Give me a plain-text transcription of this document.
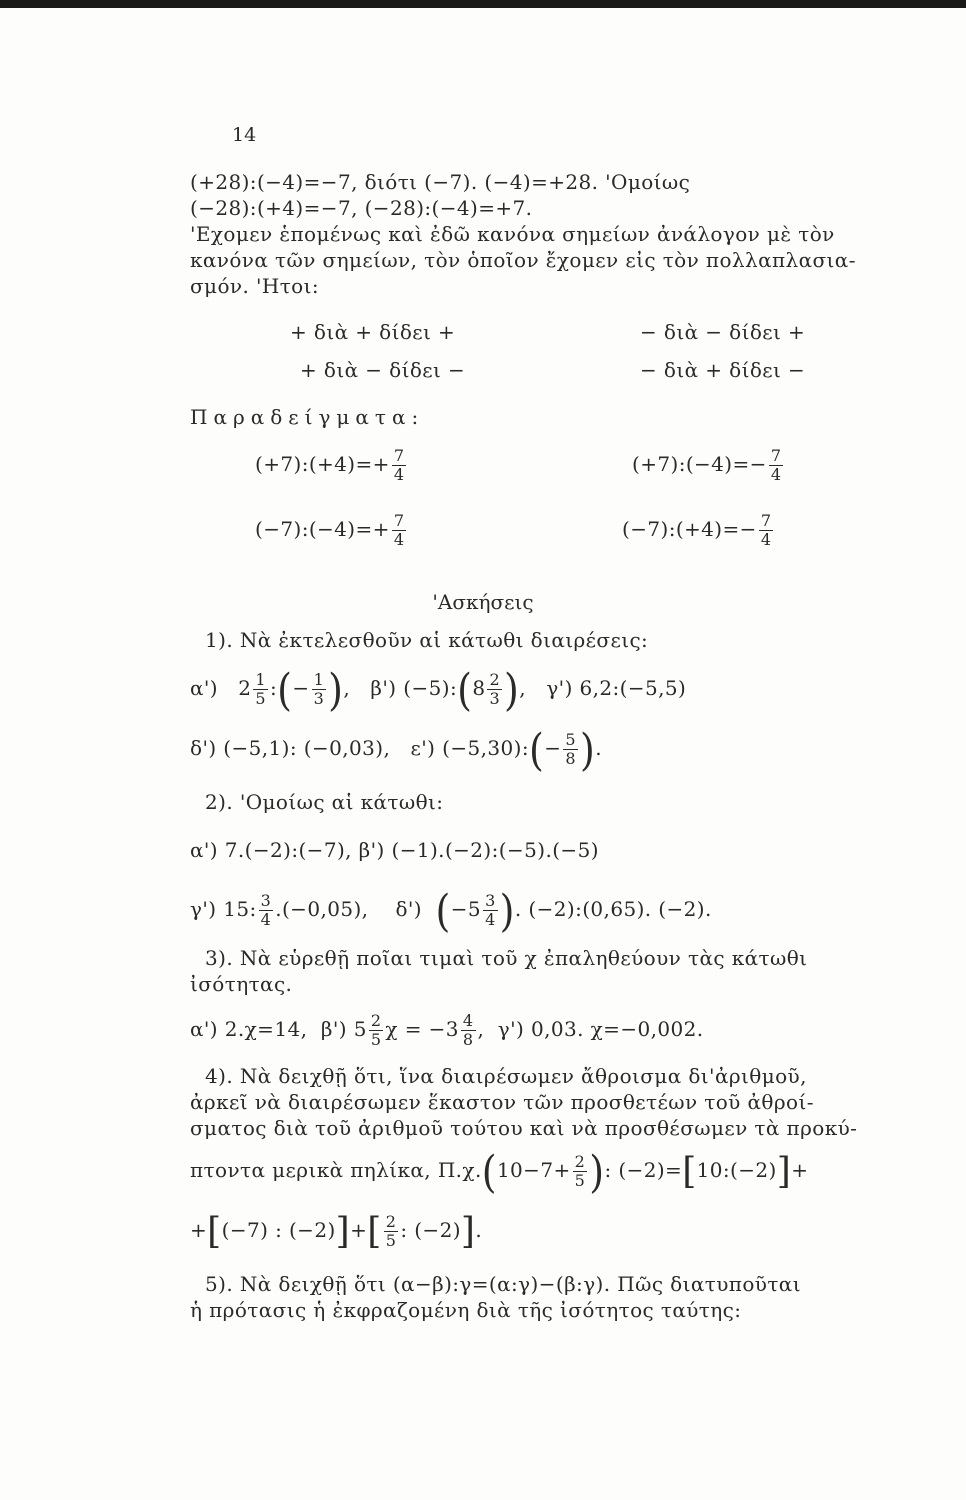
14
(+28):(−4)=−7, διότι (−7). (−4)=+28. 'Ομοίως
(−28):(+4)=−7, (−28):(−4)=+7.
'Εχομεν ἑπομένως καὶ ἐδῶ κανόνα σημείων ἀνάλογον μὲ τὸν
κανόνα τῶν σημείων, τὸν ὁποῖον ἔχομεν εἰς τὸν πολλαπλασια-
σμόν. 'Ητοι:
+ διὰ + δίδει +	− διὰ − δίδει +
+ διὰ − δίδει −	− διὰ + δίδει −
Παραδείγματα:
(+7):(+4)=+ $\frac{7}{4}$	(+7):(−4)=− $\frac{7}{4}$
(−7):(−4)=+ $\frac{7}{4}$	(−7):(+4)=− $\frac{7}{4}$
'Ασκήσεις
1). Νὰ ἐκτελεσθοῦν αἱ κάτωθι διαιρέσεις:
α') $2 \frac{1}{5}$ :(− $\frac{1}{3}$ ),   β') (−5):(8 $\frac{2}{3}$ ),   γ') 6,2:(−5,5)
δ') (−5,1): (−0,03), ε') (−5,30):(− $\frac{5}{8}$ ).
2). 'Ομοίως αἱ κάτωθι:
α') 7.(−2):(−7), β') (−1).(−2):(−5).(−5)
γ') 15: $\frac{3}{4} .(-0,05)$, δ') ($-5 \frac{3}{4}$ ). (−2):(0,65). (−2).
3). Νὰ εὑρεθῇ ποῖαι τιμαὶ τοῦ χ ἐπαληθεύουν τὰς κάτωθι
ἰσότητας.
α') 2.χ=14, β') $5 \frac{2}{5}$ $\chi = -3 \frac{4}{8}$ ,  γ') 0,03. χ=−0,002.
4). Νὰ δειχθῇ ὅτι, ἵνα διαιρέσωμεν ἄθροισμα δι'ἀριθμοῦ,
ἀρκεῖ νὰ διαιρέσωμεν ἕκαστον τῶν προσθετέων τοῦ ἀθροί-
σματος διὰ τοῦ ἀριθμοῦ τούτου καὶ νὰ προσθέσωμεν τὰ προκύ-
πτοντα μερικὰ πηλίκα, $\Pi.\chi.(10-7+ \frac{2}{5}$ ): (−2)=[10:(−2)]+
+[(−7) : $(-2)]+[ \frac{2}{5}$ : (−2)].
5). Νὰ δειχθῇ ὅτι (α−β):γ=(α:γ)−(β:γ). Πῶς διατυποῦται
ἡ πρότασις ἡ ἐκφραζομένη διὰ τῆς ἰσότητος ταύτης:
